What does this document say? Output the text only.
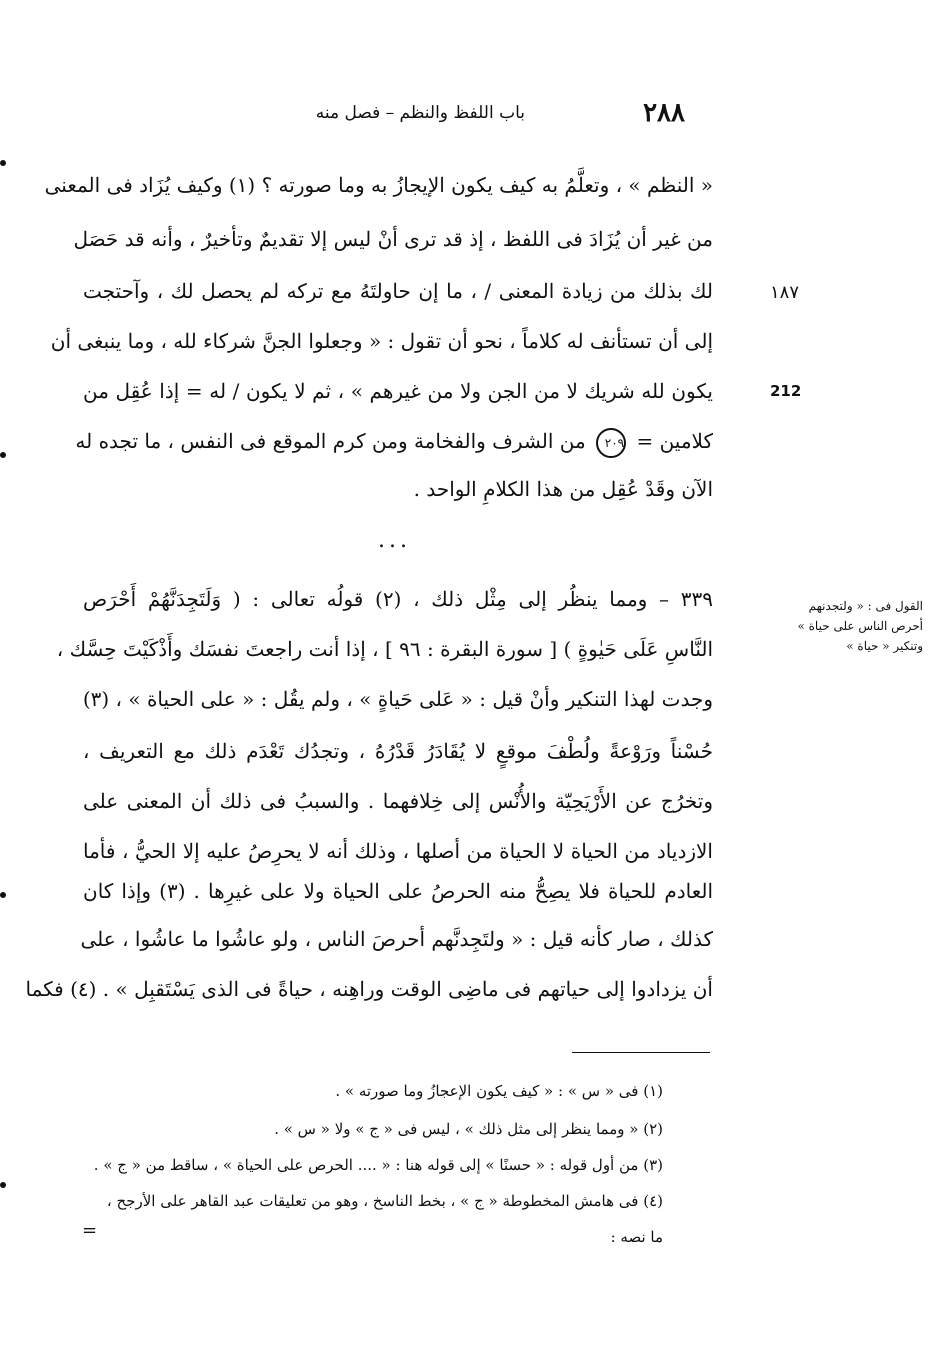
٢٨٨
باب اللفظ والنظم – فصل منه
« النظم » ، وتعلَّمُ به كيف يكون الإيجازُ به وما صورته ؟ (١) وكيف يُزَاد فى المعنى
من غير أن يُزَادَ فى اللفظ ، إذ قد ترى أنْ ليس إلا تقديمٌ وتأخيرٌ ، وأنه قد حَصَل
لك بذلك من زيادة المعنى / ، ما إن حاولتَهُ مع تركه لم يحصل لك ، وآحتجت
إلى أن تستأنف له كلاماً ، نحو أن تقول : « وجعلوا الجنَّ شركاء لله ، وما ينبغى أن
يكون لله شريك لا من الجن ولا من غيرهم » ، ثم لا يكون / له = إذا عُقِل من
كلامين = ٢٠٩ من الشرف والفخامة ومن كرم الموقع فى النفس ، ما تجده له
الآن وقَدْ عُقِل من هذا الكلامِ الواحد .
١٨٧
212
...
٣٣٩ – ومما ينظُر إلى مِثْل ذلك ، (٢) قولُه تعالى : ( وَلَتَجِدَنَّهُمْ أَحْرَص
النَّاسِ عَلَى حَيٰوةٍ ) [ سورة البقرة : ٩٦ ] ، إذا أنت راجعتَ نفسَك وأَذْكَيْتَ حِسَّك ،
وجدت لهذا التنكير وأنْ قيل : « عَلى حَياةٍ » ، ولم يقُل : « على الحياة » ، (٣)
حُسْناً ورَوْعةً ولُطْفَ موقعٍ لا يُقَادَرُ قَدْرُهُ ، وتجدُك تَعْدَم ذلك مع التعريف ،
وتخرُج عن الأَرْيَحِيّة والأُنْس إلى خِلافهما . والسببُ فى ذلك أن المعنى على
الازدياد من الحياة لا الحياة من أصلها ، وذلك أنه لا يحرِصُ عليه إلا الحيُّ ، فأما
العادم للحياة فلا يصِحُّ منه الحرصُ على الحياة ولا على غيرِها . (٣) وإذا كان
كذلك ، صار كأنه قيل : « ولتَجِدنَّهم أحرصَ الناس ، ولو عاشُوا ما عاشُوا ، على
أن يزدادوا إلى حياتهم فى ماضِى الوقت وراهِنه ، حياةً فى الذى يَسْتَقبِل » . (٤) فكما
القول فى : « ولتجدنهم
أحرص الناس على حياة »
وتنكير « حياة »
(١) فى « س » : « كيف يكون الإعجازُ وما صورته » .
(٢) « ومما ينظر إلى مثل ذلك » ، ليس فى « ج » ولا « س » .
(٣) من أول قوله : « حسنًا » إلى قوله هنا : « .... الحرص على الحياة » ، ساقط من « ج » .
(٤) فى هامش المخطوطة « ج » ، بخط الناسخ ، وهو من تعليقات عبد القاهر على الأرجح ،
ما نصه :
=
